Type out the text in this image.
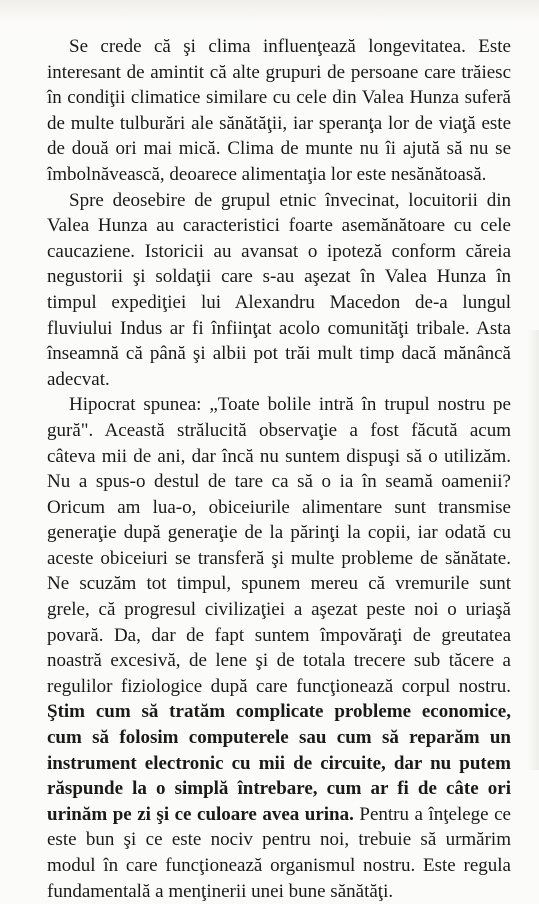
Se crede că şi clima influenţează longevitatea. Este interesant de amintit că alte grupuri de persoane care trăiesc în condiţii climatice similare cu cele din Valea Hunza suferă de multe tulburări ale sănătăţii, iar speranţa lor de viaţă este de două ori mai mică. Clima de munte nu îi ajută să nu se îmbolnăvească, deoarece alimentaţia lor este nesănătoasă.

Spre deosebire de grupul etnic învecinat, locuitorii din Valea Hunza au caracteristici foarte asemănătoare cu cele caucaziene. Istoricii au avansat o ipoteză conform căreia negustorii şi soldaţii care s-au aşezat în Valea Hunza în timpul expediţiei lui Alexandru Macedon de-a lungul fluviului Indus ar fi înfiinţat acolo comunităţi tribale. Asta înseamnă că până şi albii pot trăi mult timp dacă mănâncă adecvat.

Hipocrat spunea: „Toate bolile intră în trupul nostru pe gură". Această strălucită observaţie a fost făcută acum câteva mii de ani, dar încă nu suntem dispuşi să o utilizăm. Nu a spus-o destul de tare ca să o ia în seamă oamenii? Oricum am lua-o, obiceiurile alimentare sunt transmise generaţie după generaţie de la părinţi la copii, iar odată cu aceste obiceiuri se transferă şi multe probleme de sănătate. Ne scuzăm tot timpul, spunem mereu că vremurile sunt grele, că progresul civilizaţiei a aşezat peste noi o uriaşă povară. Da, dar de fapt suntem împovăraţi de greutatea noastră excesivă, de lene şi de totala trecere sub tăcere a regulilor fiziologice după care funcţionează corpul nostru. Ştim cum să tratăm complicate probleme economice, cum să folosim computerele sau cum să reparăm un instrument electronic cu mii de circuite, dar nu putem răspunde la o simplă întrebare, cum ar fi de câte ori urinăm pe zi şi ce culoare avea urina. Pentru a înţelege ce este bun şi ce este nociv pentru noi, trebuie să urmărim modul în care funcţionează organismul nostru. Este regula fundamentală a menţinerii unei bune sănătăţi.
